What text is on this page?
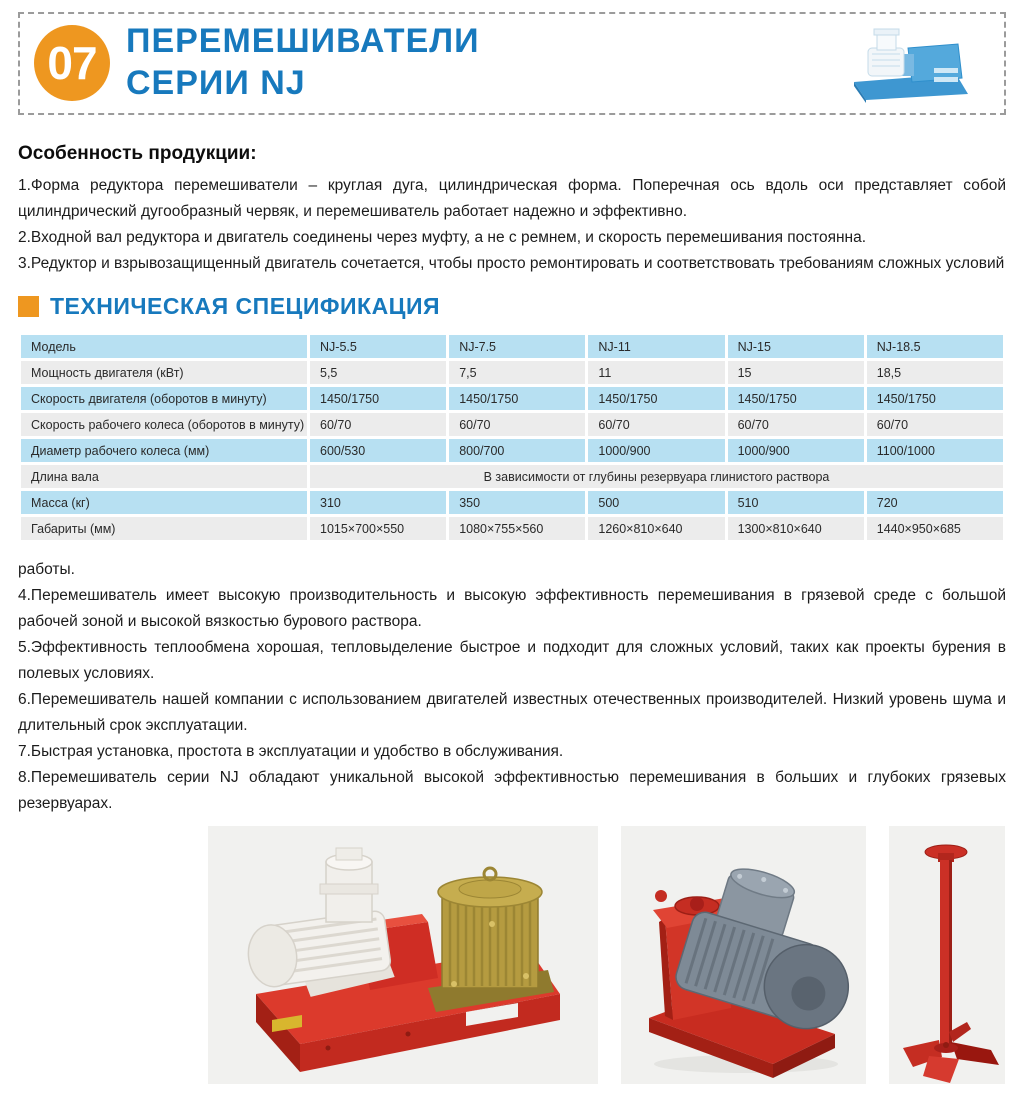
07 ПЕРЕМЕШИВАТЕЛИ
СЕРИИ NJ
Особенность продукции:

1.Форма редуктора перемешиватели – круглая дуга, цилиндрическая форма. Поперечная ось вдоль оси представляет собой цилиндрический дугообразный червяк, и перемешиватель работает надежно и эффективно.

2.Входной вал редуктора и двигатель соединены через муфту, а не с ремнем, и скорость перемешивания постоянна.

3.Редуктор и взрывозащищенный двигатель сочетается, чтобы просто ремонтировать и соответствовать требованиям сложных условий

ТЕХНИЧЕСКАЯ СПЕЦИФИКАЦИЯ
Модель	NJ-5.5	NJ-7.5	NJ-11	NJ-15	NJ-18.5
Мощность двигателя (кВт)	5,5	7,5	11	15	18,5
Скорость двигателя (оборотов в минуту)	1450/1750	1450/1750	1450/1750	1450/1750	1450/1750
Скорость рабочего колеса (оборотов в минуту)	60/70	60/70	60/70	60/70	60/70
Диаметр рабочего колеса (мм)	600/530	800/700	1000/900	1000/900	1100/1000
Длина вала	В зависимости от глубины резервуара глинистого раствора				
Масса (кг)	310	350	500	510	720
Габариты (мм)	1015×700×550	1080×755×560	1260×810×640	1300×810×640	1440×950×685

работы.

4.Перемешиватель имеет высокую производительность и высокую эффективность перемешивания в грязевой среде с большой рабочей зоной и высокой вязкостью бурового раствора.

5.Эффективность теплообмена хорошая, тепловыделение быстрое и подходит для сложных условий, таких как проекты бурения в полевых условиях.

6.Перемешиватель нашей компании с использованием двигателей известных отечественных производителей. Низкий уровень шума и длительный срок эксплуатации.

7.Быстрая установка, простота в эксплуатации и удобство в обслуживания.

8.Перемешиватель серии NJ обладают уникальной высокой эффективностью перемешивания в больших и глубоких грязевых резервуарах.
